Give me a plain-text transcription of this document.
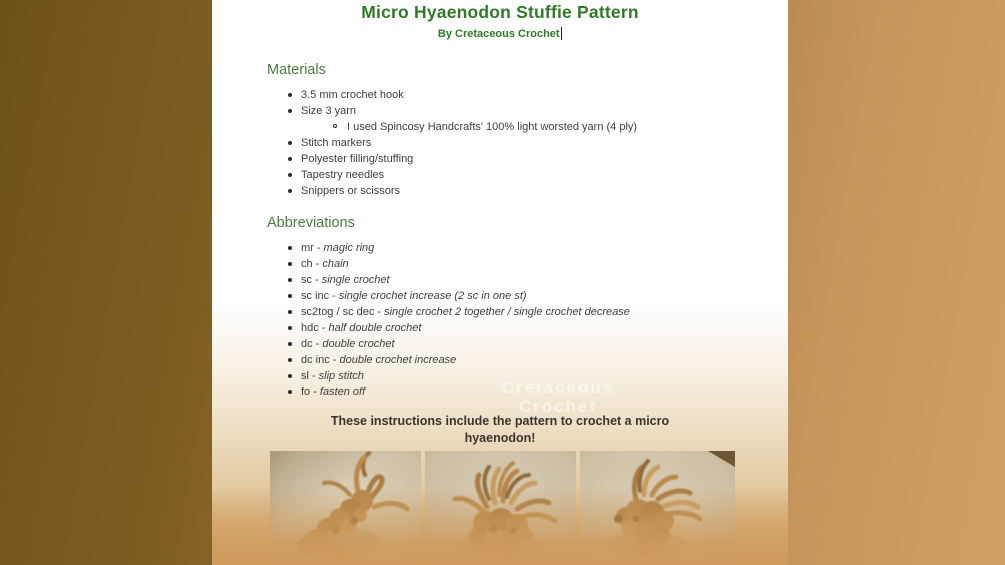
Micro Hyaenodon Stuffie Pattern
By Cretaceous Crochet
Materials
3.5 mm crochet hook
Size 3 yarn
I used Spincosy Handcrafts' 100% light worsted yarn (4 ply)
Stitch markers
Polyester filling/stuffing
Tapestry needles
Snippers or scissors
Abbreviations
mr - magic ring
ch - chain
sc - single crochet
sc inc - single crochet increase (2 sc in one st)
sc2tog / sc dec - single crochet 2 together / single crochet decrease
hdc - half double crochet
dc - double crochet
dc inc - double crochet increase
sl - slip stitch
fo - fasten off	Cretaceous
Crochet
These instructions include the pattern to crochet a micro
hyaenodon!
